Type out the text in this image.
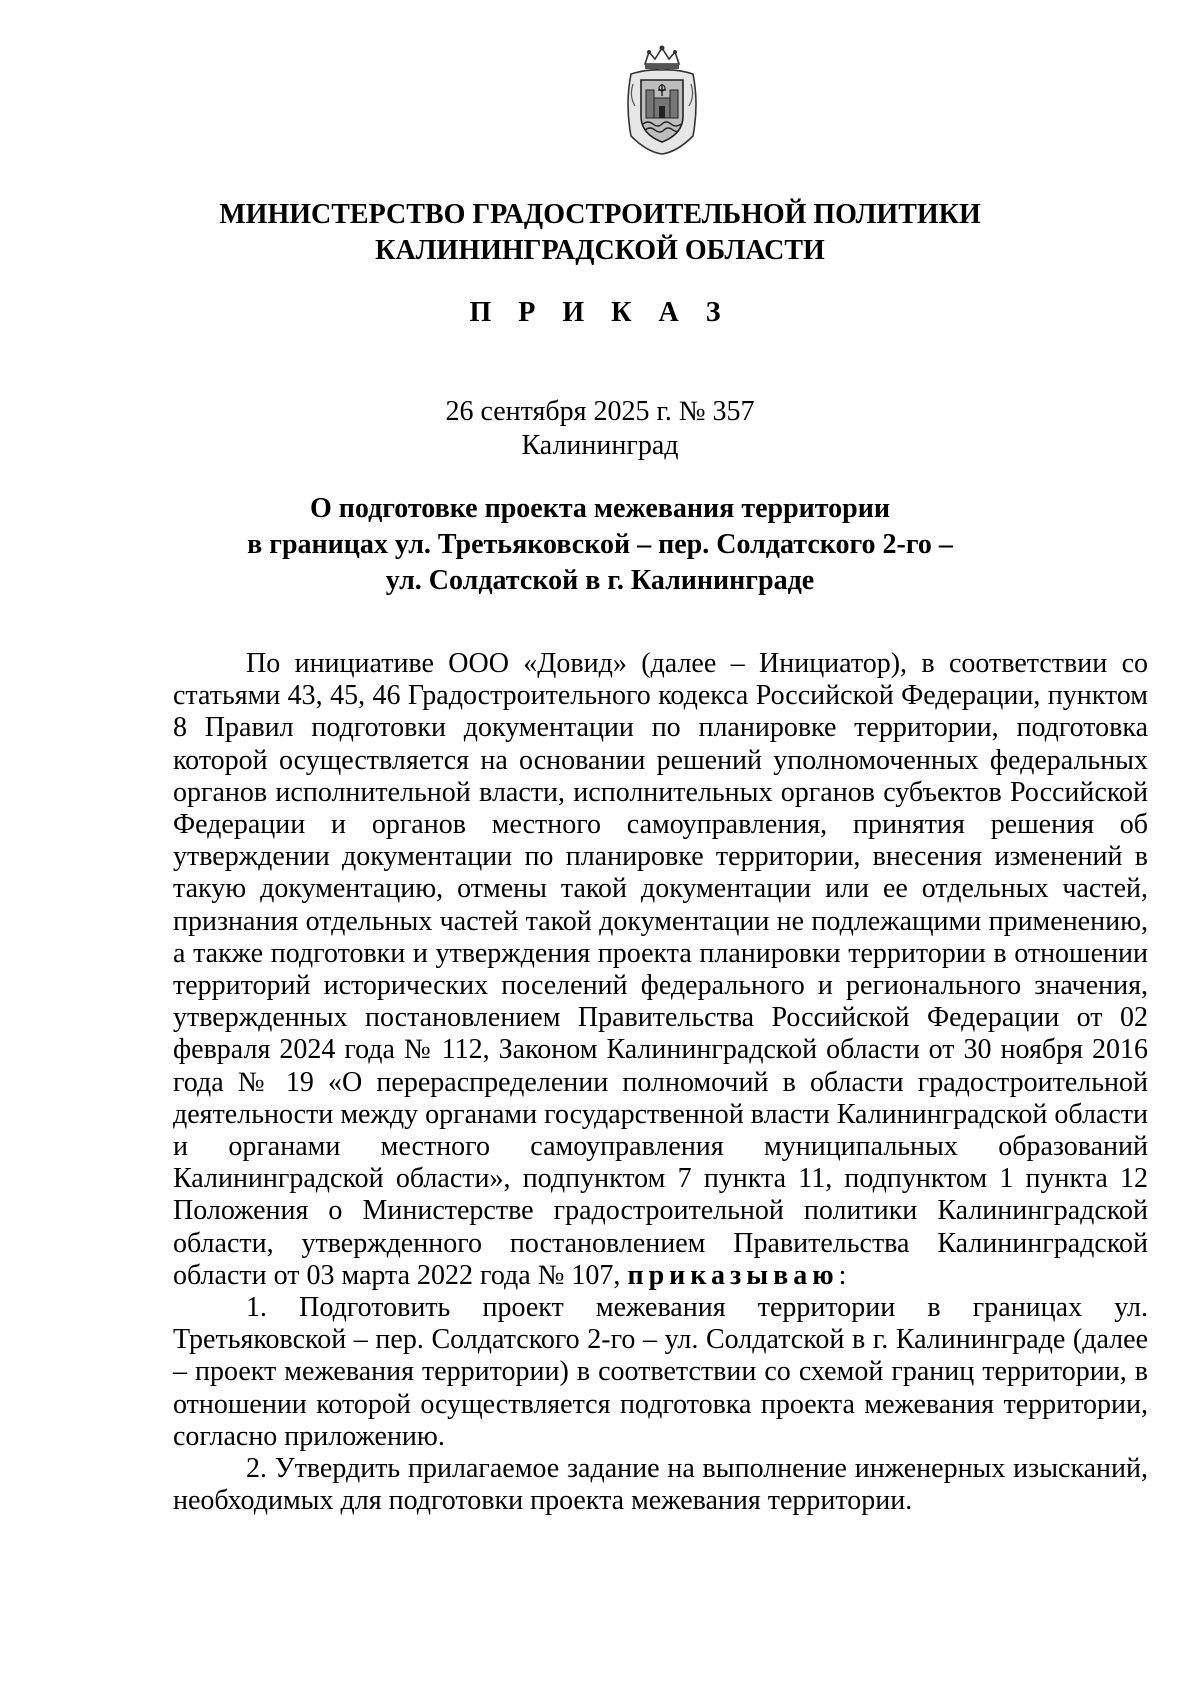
МИНИСТЕРСТВО ГРАДОСТРОИТЕЛЬНОЙ ПОЛИТИКИ
КАЛИНИНГРАДСКОЙ ОБЛАСТИ
П Р И К А З
26 сентября 2025 г. № 357
Калининград
О подготовке проекта межевания территории
в границах ул. Третьяковской – пер. Солдатского 2-го –
ул. Солдатской в г. Калининграде

По инициативе ООО «Довид» (далее – Инициатор), в соответствии со статьями 43, 45, 46 Градостроительного кодекса Российской Федерации, пунктом 8 Правил подготовки документации по планировке территории, подготовка которой осуществляется на основании решений уполномоченных федеральных органов исполнительной власти, исполнительных органов субъектов Российской Федерации и органов местного самоуправления, принятия решения об утверждении документации по планировке территории, внесения изменений в такую документацию, отмены такой документации или ее отдельных частей, признания отдельных частей такой документации не подлежащими применению, а также подготовки и утверждения проекта планировки территории в отношении территорий исторических поселений федерального и регионального значения, утвержденных постановлением Правительства Российской Федерации от 02 февраля 2024 года № 112, Законом Калининградской области от 30 ноября 2016 года № 19 «О перераспределении полномочий в области градостроительной деятельности между органами государственной власти Калининградской области и органами местного самоуправления муниципальных образований Калининградской области», подпунктом 7 пункта 11, подпунктом 1 пункта 12 Положения о Министерстве градостроительной политики Калининградской области, утвержденного постановлением Правительства Калининградской области от 03 марта 2022 года № 107, приказываю:

1. Подготовить проект межевания территории в границах ул. Третьяковской – пер. Солдатского 2-го – ул. Солдатской в г. Калининграде (далее – проект межевания территории) в соответствии со схемой границ территории, в отношении которой осуществляется подготовка проекта межевания территории, согласно приложению.

2. Утвердить прилагаемое задание на выполнение инженерных изысканий, необходимых для подготовки проекта межевания территории.
